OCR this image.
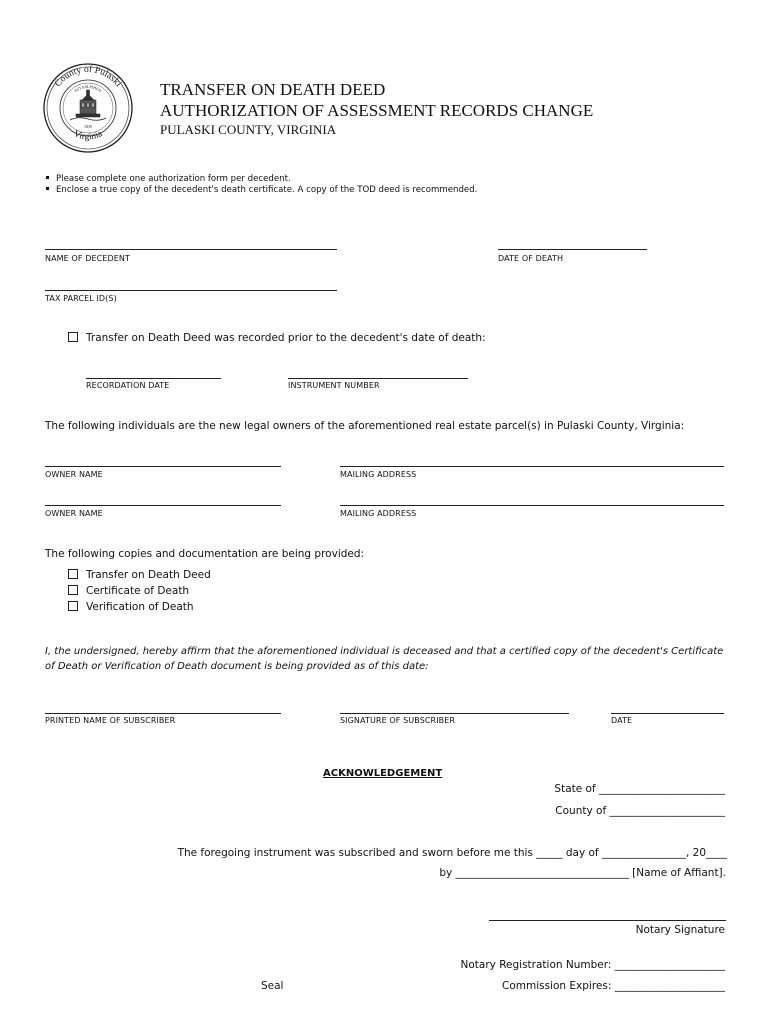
County of Pulaski
Virginia
ESTABLISHED
1839
TRANSFER ON DEATH DEED
AUTHORIZATION OF ASSESSMENT RECORDS CHANGE
PULASKI COUNTY, VIRGINIA
Please complete one authorization form per decedent.
Enclose a true copy of the decedent's death certificate. A copy of the TOD deed is recommended.
NAME OF DECEDENT	DATE OF DEATH
TAX PARCEL ID(S)
Transfer on Death Deed was recorded prior to the decedent's date of death:
RECORDATION DATE	INSTRUMENT NUMBER
The following individuals are the new legal owners of the aforementioned real estate parcel(s) in Pulaski County, Virginia:
OWNER NAME	MAILING ADDRESS
OWNER NAME	MAILING ADDRESS
The following copies and documentation are being provided:
Transfer on Death Deed
Certificate of Death
Verification of Death
I, the undersigned, hereby affirm that the aforementioned individual is deceased and that a certified copy of the decedent's Certificate
of Death or Verification of Death document is being provided as of this date:
PRINTED NAME OF SUBSCRIBER	SIGNATURE OF SUBSCRIBER	DATE
ACKNOWLEDGEMENT
State of ________________________
County of ______________________
The foregoing instrument was subscribed and sworn before me this _____ day of ________________, 20____
by _________________________________ [Name of Affiant].
Notary Signature
Notary Registration Number: _____________________
Seal	Commission Expires: _____________________
